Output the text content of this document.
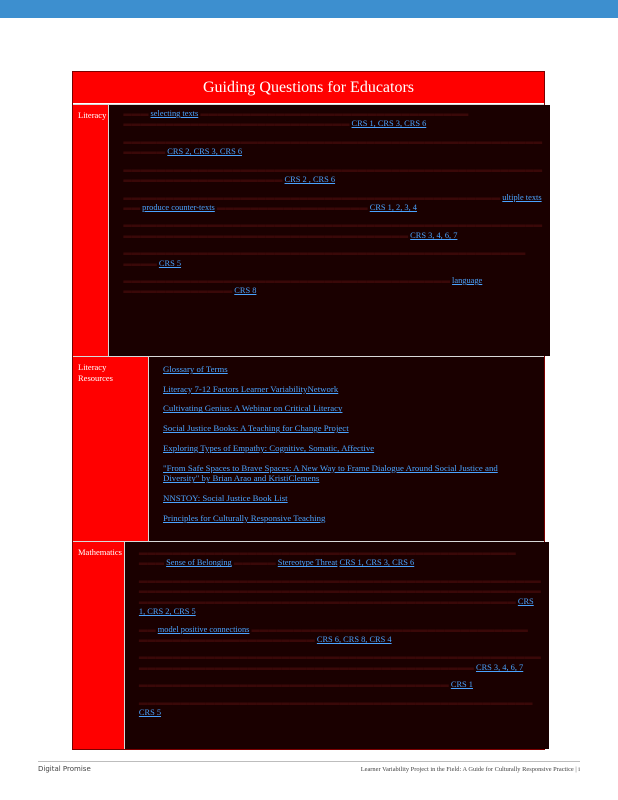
Guiding Questions for Educators
Literacy	▬▬▬ selecting texts ▬▬▬▬▬▬▬▬▬▬▬▬▬▬▬▬▬▬▬▬▬▬▬▬▬▬▬▬▬▬▬▬ ▬▬▬▬▬▬▬▬▬▬▬▬▬▬▬▬▬▬▬▬▬▬▬▬▬▬▬ CRS 1, CRS 3, CRS 6

▬▬▬▬▬▬▬▬▬▬▬▬▬▬▬▬▬▬▬▬▬▬▬▬▬▬▬▬▬▬▬▬▬▬▬▬▬▬▬▬▬▬▬▬▬▬▬▬▬▬ ▬▬▬▬▬ CRS 2, CRS 3, CRS 6

▬▬▬▬▬▬▬▬▬▬▬▬▬▬▬▬▬▬▬▬▬▬▬▬▬▬▬▬▬▬▬▬▬▬▬▬▬▬▬▬▬▬▬▬▬▬▬▬▬▬ ▬▬▬▬▬▬▬▬▬▬▬▬▬▬▬▬▬▬▬ CRS 2 , CRS 6

▬▬▬▬▬▬▬▬▬▬▬▬▬▬▬▬▬▬▬▬▬▬▬▬▬▬▬▬▬▬▬▬▬▬▬▬▬▬▬▬▬▬▬▬▬ ultiple texts ▬▬ produce counter-texts ▬▬▬▬▬▬▬▬▬▬▬▬▬▬▬▬▬▬ CRS 1, 2, 3, 4

▬▬▬▬▬▬▬▬▬▬▬▬▬▬▬▬▬▬▬▬▬▬▬▬▬▬▬▬▬▬▬▬▬▬▬▬▬▬▬▬▬▬▬▬▬▬▬▬▬▬ ▬▬▬▬▬▬▬▬▬▬▬▬▬▬▬▬▬▬▬▬▬▬▬▬▬▬▬▬▬▬▬▬▬▬ CRS 3, 4, 6, 7

▬▬▬▬▬▬▬▬▬▬▬▬▬▬▬▬▬▬▬▬▬▬▬▬▬▬▬▬▬▬▬▬▬▬▬▬▬▬▬▬▬▬▬▬▬▬▬▬ ▬▬▬▬ CRS 5

▬▬▬▬▬▬▬▬▬▬▬▬▬▬▬▬▬▬▬▬▬▬▬▬▬▬▬▬▬▬▬▬▬▬▬▬▬▬▬ language ▬▬▬▬▬▬▬▬▬▬▬▬▬ CRS 8

Literacy
Resources
Glossary of Terms
Literacy 7-12 Factors Learner VariabilityNetwork
Cultivating Genius: A Webinar on Critical Literacy
Social Justice Books: A Teaching for Change Project
Exploring Types of Empathy: Cognitive, Somatic, Affective
"From Safe Spaces to Brave Spaces: A New Way to Frame Dialogue Around Social Justice and Diversity" by Brian Arao and KristiClemens
NNSTOY: Social Justice Book List
Principles for Culturally Responsive Teaching
Mathematics	▬▬▬▬▬▬▬▬▬▬▬▬▬▬▬▬▬▬▬▬▬▬▬▬▬▬▬▬▬▬▬▬▬▬▬▬▬▬▬▬▬▬▬▬▬ ▬▬▬ Sense of Belonging ▬▬▬▬▬ Stereotype Threat CRS 1, CRS 3, CRS 6

▬▬▬▬▬▬▬▬▬▬▬▬▬▬▬▬▬▬▬▬▬▬▬▬▬▬▬▬▬▬▬▬▬▬▬▬▬▬▬▬▬▬▬▬▬▬▬▬ ▬▬▬▬▬▬▬▬▬▬▬▬▬▬▬▬▬▬▬▬▬▬▬▬▬▬▬▬▬▬▬▬▬▬▬▬▬▬▬▬▬▬▬▬▬▬▬▬ ▬▬▬▬▬▬▬▬▬▬▬▬▬▬▬▬▬▬▬▬▬▬▬▬▬▬▬▬▬▬▬▬▬▬▬▬▬▬▬▬▬▬▬▬▬ CRS 1, CRS 2, CRS 5

▬▬ model positive connections ▬▬▬▬▬▬▬▬▬▬▬▬▬▬▬▬▬▬▬▬▬▬▬▬▬▬▬▬▬▬▬▬▬ ▬▬▬▬▬▬▬▬▬▬▬▬▬▬▬▬▬▬▬▬▬ CRS 6, CRS 8, CRS 4

▬▬▬▬▬▬▬▬▬▬▬▬▬▬▬▬▬▬▬▬▬▬▬▬▬▬▬▬▬▬▬▬▬▬▬▬▬▬▬▬▬▬▬▬▬▬▬▬ ▬▬▬▬▬▬▬▬▬▬▬▬▬▬▬▬▬▬▬▬▬▬▬▬▬▬▬▬▬▬▬▬▬▬▬▬▬▬▬▬ CRS 3, 4, 6, 7

▬▬▬▬▬▬▬▬▬▬▬▬▬▬▬▬▬▬▬▬▬▬▬▬▬▬▬▬▬▬▬▬▬▬▬▬▬ CRS 1

▬▬▬▬▬▬▬▬▬▬▬▬▬▬▬▬▬▬▬▬▬▬▬▬▬▬▬▬▬▬▬▬▬▬▬▬▬▬▬▬▬▬▬▬▬▬▬ CRS 5

Digital Promise	Learner Variability Project in the Field: A Guide for Culturally Responsive Practice | i
